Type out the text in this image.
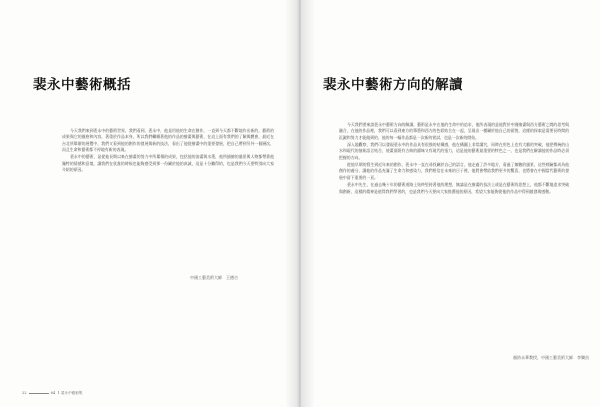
裴永中藝術概括

今天我們來到裴永中的藝術世界，我們看到，裴永中，他是用他的生命在創作，一直到今天都不斷地作出新的，藝術的成果與它的風格和內容，著重於作品本身，所以我們繼續著他的作品的繪畫與藝術，在這上面有我們的了解與體會，最近在台北所舉辦的展覽中，我們又看到他的創作的發展與新的技法，看出了他從繪畫中的重要發展，把自己帶到另外一個層次，而且生命和藝術都不停地有新的表現。

裴永中的藝術，是從他長期以來在繪畫的努力中所累積的成果，包括他的油畫與水墨，他所描繪的風景與人物都帶著他獨特的情感和意境，讓我們在欣賞的時候也能夠感受到那一份屬於他的真誠，這是十分難得的，也是我們今天要特別向大家介紹的原因。

中國工藝美術大師　王德吉
22	64 1 裴永中藝術集
裴永中藝術方向的解讀

今天我們要來談裴永中藝術方向的解讀，藝術是永中在他的生命中的追求，他所表現的是他對於中國繪畫與西方藝術之間的思考與融合，在他的作品裡，我們可以看到東方的筆墨和西方的色彩結合在一起，呈現出一種屬於他自己的面貌，這樣的探索是需要長時間的沉澱和努力才能做到的，他的每一幅作品都是一次新的嘗試，也是一次新的開始。

深入地觀察，我們可以發現裴永中的作品具有很強的結構感，他在構圖上非常講究，同時在用色上也有大膽的突破，他把傳統的山水和現代的抽象語言結合，使畫面既有古典的韻味又有現代的張力，這是他的藝術最重要的特色之一，也是我們在解讀他的作品時必須把握的方向。

從他早期的寫生到近年來的創作，裴永中一直在尋找屬於自己的語言，他走過了許多地方，看過了無數的風景，這些經驗都成為他創作的養分，讓他的作品充滿了生命力和感染力，我們相信在未來的日子裡，他將會帶給我們更多的驚喜，也將會在中國當代藝術的發展中留下重要的一頁。

裴永中先生，在過去幾十年的藝術道路上始終堅持著他的理想，無論是在繪畫的技法上或是在藝術的思想上，他都不斷地追求突破與創新，這樣的精神是值得我們學習的，也是我們今天要向大家推薦他的原因，希望大家能夠從他的作品中得到啟發與感動。

顏鈞永華教授、中國工藝美術大師　李樂昌
